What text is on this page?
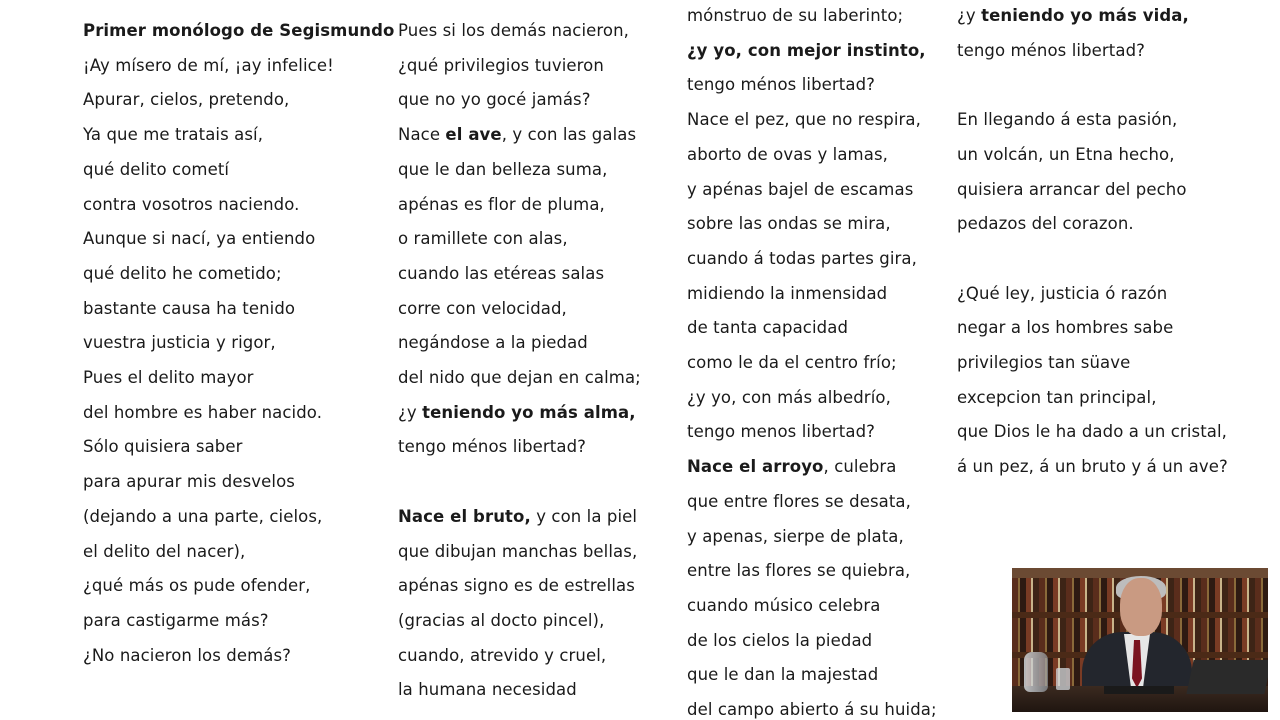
Primer monólogo de Segismundo
¡Ay mísero de mí, ¡ay infelice!
Apurar, cielos, pretendo,
Ya que me tratais así,
qué delito cometí
contra vosotros naciendo.
Aunque si nací, ya entiendo
qué delito he cometido;
bastante causa ha tenido
vuestra justicia y rigor,
Pues el delito mayor
del hombre es haber nacido.
Sólo quisiera saber
para apurar mis desvelos
(dejando a una parte, cielos,
el delito del nacer),
¿qué más os pude ofender,
para castigarme más?
¿No nacieron los demás?
Pues si los demás nacieron,
¿qué privilegios tuvieron
que no yo gocé jamás?
Nace el ave, y con las galas
que le dan belleza suma,
apénas es flor de pluma,
o ramillete con alas,
cuando las etéreas salas
corre con velocidad,
negándose a la piedad
del nido que dejan en calma;
¿y teniendo yo más alma,
tengo ménos libertad?
Nace el bruto, y con la piel
que dibujan manchas bellas,
apénas signo es de estrellas
(gracias al docto pincel),
cuando, atrevido y cruel,
la humana necesidad
mónstruo de su laberinto;
¿y yo, con mejor instinto,
tengo ménos libertad?
Nace el pez, que no respira,
aborto de ovas y lamas,
y apénas bajel de escamas
sobre las ondas se mira,
cuando á todas partes gira,
midiendo la inmensidad
de tanta capacidad
como le da el centro frío;
¿y yo, con más albedrío,
tengo menos libertad?
Nace el arroyo, culebra
que entre flores se desata,
y apenas, sierpe de plata,
entre las flores se quiebra,
cuando músico celebra
de los cielos la piedad
que le dan la majestad
del campo abierto á su huida;
¿y teniendo yo más vida,
tengo ménos libertad?
En llegando á esta pasión,
un volcán, un Etna hecho,
quisiera arrancar del pecho
pedazos del corazon.
¿Qué ley, justicia ó razón
negar a los hombres sabe
privilegios tan süave
excepcion tan principal,
que Dios le ha dado a un cristal,
á un pez, á un bruto y á un ave?
